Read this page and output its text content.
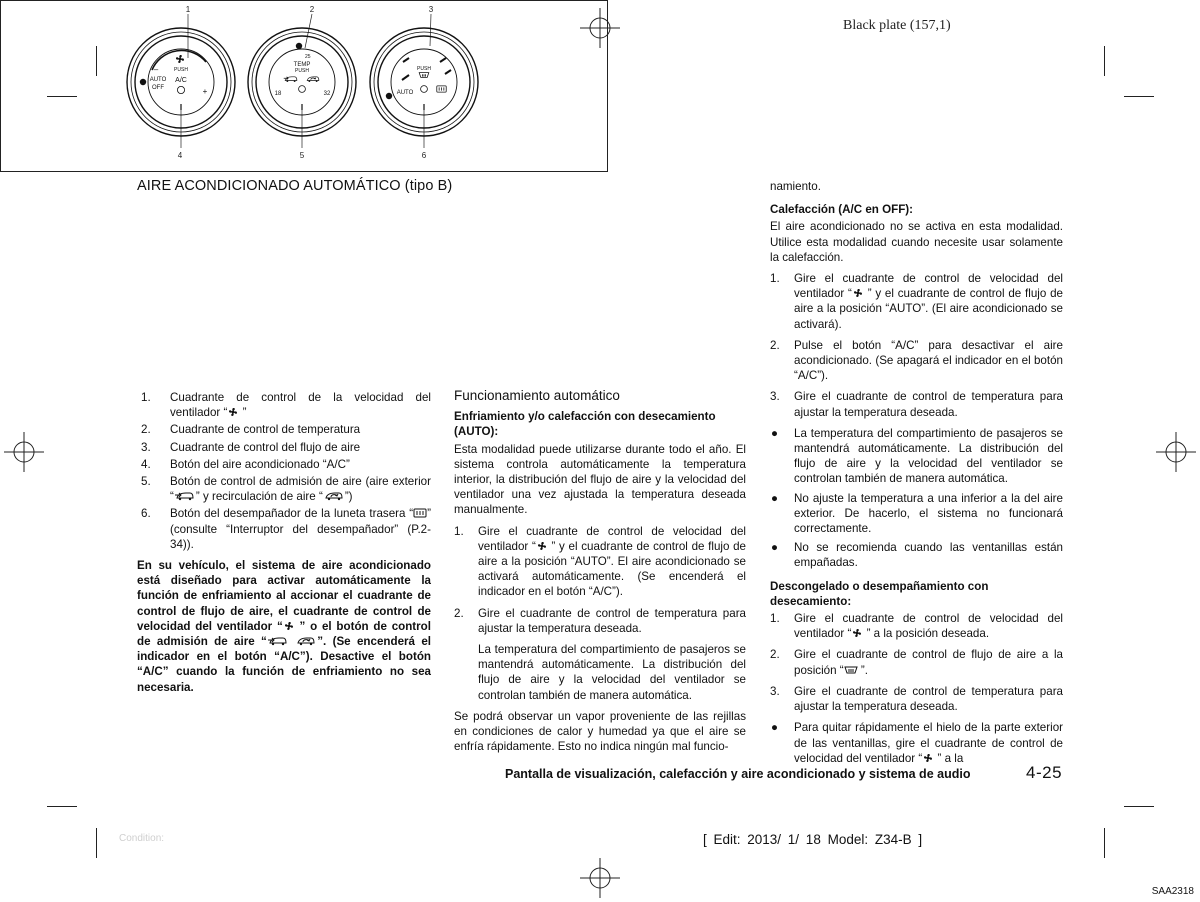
Black plate (157,1)
AIRE ACONDICIONADO AUTOMÁTICO (tipo B)
1	2	3
4	5	6
PUSH
A/C
AUTO
OFF
–
+
25
TEMP
PUSH
18	32
PUSH
AUTO
SAA2318
1. Cuadrante de control de la velocidad del ventilador “ ”
2. Cuadrante de control de temperatura
3. Cuadrante de control del flujo de aire
4. Botón del aire acondicionado “A/C”
5. Botón de control de admisión de aire (aire exterior “ ” y recirculación de aire “ ”)
6. Botón del desempañador de la luneta trasera “ ” (consulte “Interruptor del desempañador” (P.2-34)).
En su vehículo, el sistema de aire acondicionado está diseñado para activar automáticamente la función de enfriamiento al accionar el cuadrante de control de flujo de aire, el cuadrante de control de velocidad del ventilador “ ” o el botón de control de admisión de aire “	”. (Se encenderá el indicador en el botón “A/C”). Desactive el botón “A/C” cuando la función de enfriamiento no sea necesaria.
Funcionamiento automático
Enfriamiento y/o calefacción con desecamiento (AUTO):
Esta modalidad puede utilizarse durante todo el año. El sistema controla automáticamente la temperatura interior, la distribución del flujo de aire y la velocidad del ventilador una vez ajustada la temperatura deseada manualmente.
1. Gire el cuadrante de control de velocidad del ventilador “ ” y el cuadrante de control de flujo de aire a la posición “AUTO”. El aire acondicionado se activará automáticamente. (Se encenderá el indicador en el botón “A/C”).
2. Gire el cuadrante de control de temperatura para ajustar la temperatura deseada.
La temperatura del compartimiento de pasajeros se mantendrá automáticamente. La distribución del flujo de aire y la velocidad del ventilador se controlan también de manera automática.
Se podrá observar un vapor proveniente de las rejillas en condiciones de calor y humedad ya que el aire se enfría rápidamente. Esto no indica ningún mal funcio-
namiento.
Calefacción (A/C en OFF):
El aire acondicionado no se activa en esta modalidad. Utilice esta modalidad cuando necesite usar solamente la calefacción.
1. Gire el cuadrante de control de velocidad del ventilador “ ” y el cuadrante de control de flujo de aire a la posición “AUTO”. (El aire acondicionado se activará).
2. Pulse el botón “A/C” para desactivar el aire acondicionado. (Se apagará el indicador en el botón “A/C”).
3. Gire el cuadrante de control de temperatura para ajustar la temperatura deseada.
● La temperatura del compartimiento de pasajeros se mantendrá automáticamente. La distribución del flujo de aire y la velocidad del ventilador se controlan también de manera automática.
● No ajuste la temperatura a una inferior a la del aire exterior. De hacerlo, el sistema no funcionará correctamente.
● No se recomienda cuando las ventanillas están empañadas.
Descongelado o desempañamiento con desecamiento:
1. Gire el cuadrante de control de velocidad del ventilador “ ” a la posición deseada.
2. Gire el cuadrante de control de flujo de aire a la posición “ ”.
3. Gire el cuadrante de control de temperatura para ajustar la temperatura deseada.
● Para quitar rápidamente el hielo de la parte exterior de las ventanillas, gire el cuadrante de control de velocidad del ventilador “ ” a la
Pantalla de visualización, calefacción y aire acondicionado y sistema de audio	4-25
Condition:	[ Edit: 2013/ 1/ 18 Model: Z34-B ]
